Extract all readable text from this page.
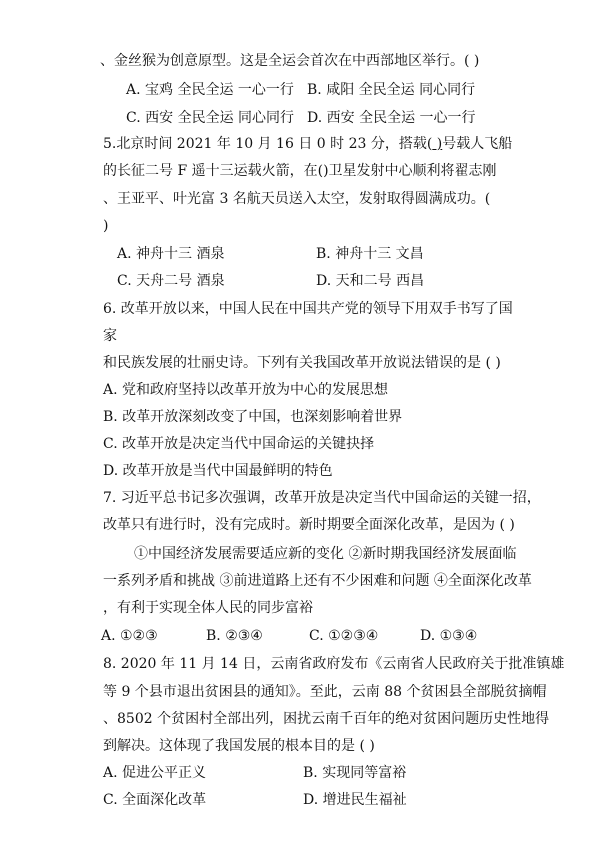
、金丝猴为创意原型。这是全运会首次在中西部地区举行。( )
A. 宝鸡 全民全运 一心一行 B. 咸阳 全民全运 同心同行
C. 西安 全民全运 同心同行 D. 西安 全民全运 一心一行
5.北京时间 2021 年 10 月 16 日 0 时 23 分，搭载( )号载人飞船
的长征二号 F 遥十三运载火箭，在()卫星发射中心顺利将翟志刚
、王亚平、叶光富 3 名航天员送入太空，发射取得圆满成功。(
)
A. 神舟十三 酒泉	B. 神舟十三 文昌
C. 天舟二号 酒泉	D. 天和二号 西昌
6. 改革开放以来，中国人民在中国共产党的领导下用双手书写了国
家
和民族发展的壮丽史诗。下列有关我国改革开放说法错误的是 ( )
A. 党和政府坚持以改革开放为中心的发展思想
B. 改革开放深刻改变了中国，也深刻影响着世界
C. 改革开放是决定当代中国命运的关键抉择
D. 改革开放是当代中国最鲜明的特色
7. 习近平总书记多次强调，改革开放是决定当代中国命运的关键一招，
改革只有进行时，没有完成时。新时期要全面深化改革，是因为 ( )
①中国经济发展需要适应新的变化 ②新时期我国经济发展面临
一系列矛盾和挑战 ③前进道路上还有不少困难和问题 ④全面深化改革
，有利于实现全体人民的同步富裕
A. ①②③	B. ②③④	C. ①②③④	D. ①③④
8. 2020 年 11 月 14 日，云南省政府发布《云南省人民政府关于批准镇雄
等 9 个县市退出贫困县的通知》。至此，云南 88 个贫困县全部脱贫摘帽
、8502 个贫困村全部出列，困扰云南千百年的绝对贫困问题历史性地得
到解决。这体现了我国发展的根本目的是 ( )
A. 促进公平正义	B. 实现同等富裕
C. 全面深化改革	D. 增进民生福祉
